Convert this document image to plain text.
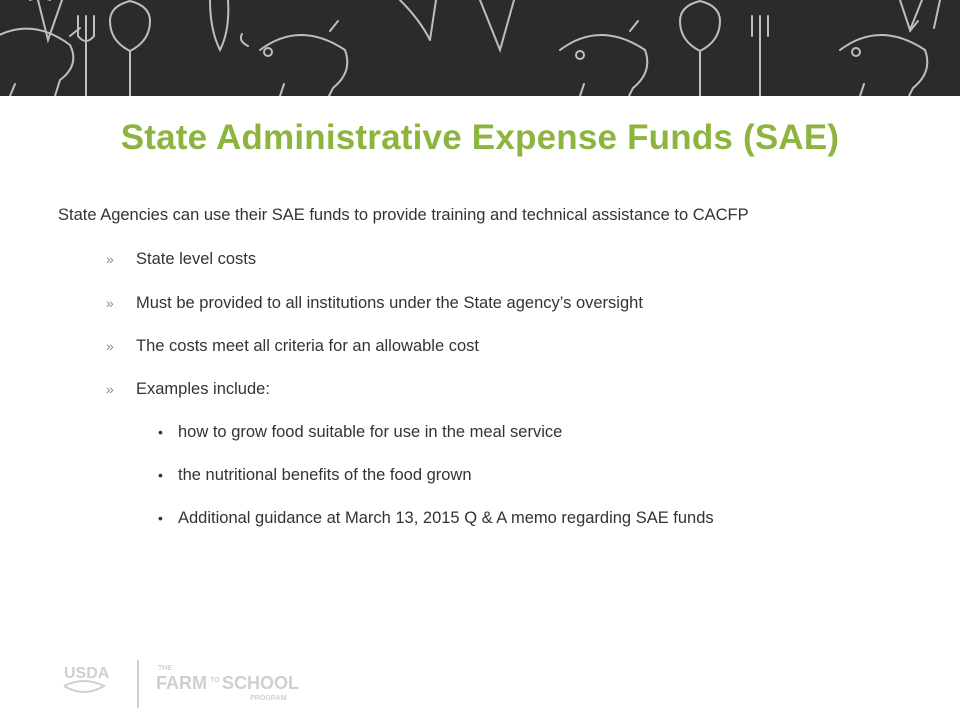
State Administrative Expense Funds (SAE)

State Agencies can use their SAE funds to provide training and technical assistance to CACFP

» State level costs
» Must be provided to all institutions under the State agency’s oversight
» The costs meet all criteria for an allowable cost
» Examples include:
• how to grow food suitable for use in the meal service
• the nutritional benefits of the food grown
• Additional guidance at March 13, 2015 Q & A memo regarding SAE funds
USDA	THE
FARM TO SCHOOL
PROGRAM
